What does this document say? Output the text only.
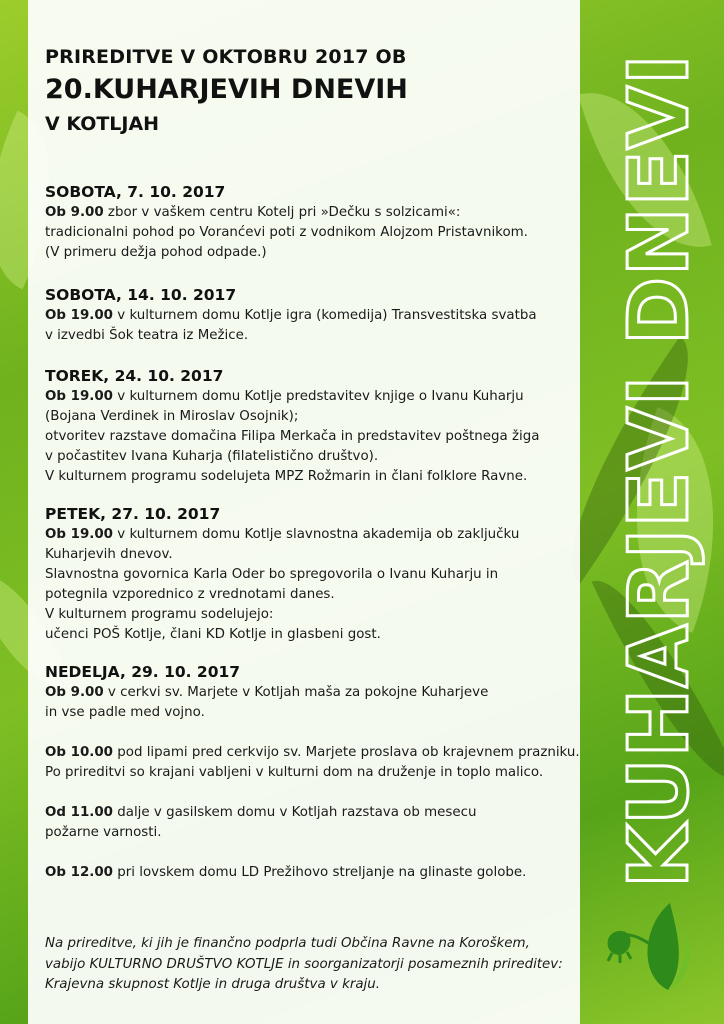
PRIREDITVE V OKTOBRU 2017 OB
20.KUHARJEVIH DNEVIH
V KOTLJAH
SOBOTA, 7. 10. 2017
Ob 9.00 zbor v vaškem centru Kotelj pri »Dečku s solzicami«:
tradicionalni pohod po Voranćevi poti z vodnikom Alojzom Pristavnikom.
(V primeru dežja pohod odpade.)
SOBOTA, 14. 10. 2017
Ob 19.00 v kulturnem domu Kotlje igra (komedija) Transvestitska svatba
v izvedbi Šok teatra iz Mežice.
TOREK, 24. 10. 2017
Ob 19.00 v kulturnem domu Kotlje predstavitev knjige o Ivanu Kuharju
(Bojana Verdinek in Miroslav Osojnik);
otvoritev razstave domačina Filipa Merkača in predstavitev poštnega žiga
v počastitev Ivana Kuharja (filatelistično društvo).
V kulturnem programu sodelujeta MPZ Rožmarin in člani folklore Ravne.
PETEK, 27. 10. 2017
Ob 19.00 v kulturnem domu Kotlje slavnostna akademija ob zaključku
Kuharjevih dnevov.
Slavnostna govornica Karla Oder bo spregovorila o Ivanu Kuharju in
potegnila vzporednico z vrednotami danes.
V kulturnem programu sodelujejo:
učenci POŠ Kotlje, člani KD Kotlje in glasbeni gost.
NEDELJA, 29. 10. 2017
Ob 9.00 v cerkvi sv. Marjete v Kotljah maša za pokojne Kuharjeve
in vse padle med vojno.

Ob 10.00 pod lipami pred cerkvijo sv. Marjete proslava ob krajevnem prazniku.
Po prireditvi so krajani vabljeni v kulturni dom na druženje in toplo malico.

Od 11.00 dalje v gasilskem domu v Kotljah razstava ob mesecu
požarne varnosti.

Ob 12.00 pri lovskem domu LD Prežihovo streljanje na glinaste golobe.
Na prireditve, ki jih je finančno podprla tudi Občina Ravne na Koroškem,
vabijo KULTURNO DRUŠTVO KOTLJE in soorganizatorji posameznih prireditev:
Krajevna skupnost Kotlje in druga društva v kraju.
KUHARJEVI DNEVI
